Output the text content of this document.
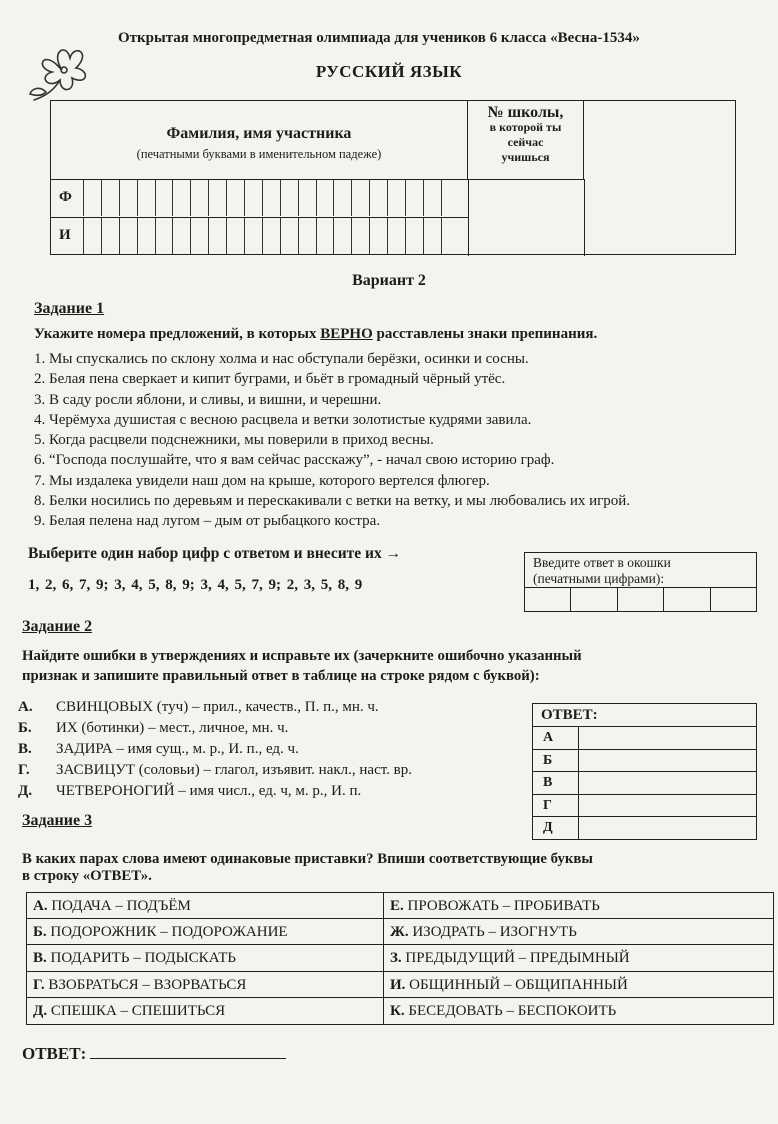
Открытая многопредметная олимпиада для учеников 6 класса «Весна-1534»
РУССКИЙ ЯЗЫК
Фамилия, имя участника
(печатными буквами в именительном падеже)
№ школы,
в которой ты
сейчас
учишься
Ф
И
Вариант 2
Задание 1
Укажите номера предложений, в которых ВЕРНО расставлены знаки препинания.
1. Мы спускались по склону холма и нас обступали берёзки, осинки и сосны.
2. Белая пена сверкает и кипит буграми, и бьёт в громадный чёрный утёс.
3. В саду росли яблони, и сливы, и вишни, и черешни.
4. Черёмуха душистая с весною расцвела и ветки золотистые кудрями завила.
5. Когда расцвели подснежники, мы поверили в приход весны.
6. “Господа послушайте, что я вам сейчас расскажу”, - начал свою историю граф.
7. Мы издалека увидели наш дом на крыше, которого вертелся флюгер.
8. Белки носились по деревьям и перескакивали с ветки на ветку, и мы любовались их игрой.
9. Белая пелена над лугом – дым от рыбацкого костра.
Выберите один набор цифр с ответом и внесите их →
1, 2, 6, 7, 9; 3, 4, 5, 8, 9; 3, 4, 5, 7, 9; 2, 3, 5, 8, 9
Введите ответ в окошки
(печатными цифрами):
Задание 2
Найдите ошибки в утверждениях и исправьте их (зачеркните ошибочно указанный
признак и запишите правильный ответ в таблице на строке рядом с буквой):
А. СВИНЦОВЫХ (туч) – прил., качеств., П. п., мн. ч.
Б. ИХ (ботинки) – мест., личное, мн. ч.
В. ЗАДИРА – имя сущ., м. р., И. п., ед. ч.
Г. ЗАСВИЦУТ (соловьи) – глагол, изъявит. накл., наст. вр.
Д. ЧЕТВЕРОНОГИЙ – имя числ., ед. ч, м. р., И. п.
ОТВЕТ:
А
Б
В
Г
Д
Задание 3
В каких парах слова имеют одинаковые приставки? Впиши соответствующие буквы
в строку «ОТВЕТ».
А. ПОДАЧА – ПОДЪЁМ	Е. ПРОВОЖАТЬ – ПРОБИВАТЬ
Б. ПОДОРОЖНИК – ПОДОРОЖАНИЕ	Ж. ИЗОДРАТЬ – ИЗОГНУТЬ
В. ПОДАРИТЬ – ПОДЫСКАТЬ	З. ПРЕДЫДУЩИЙ – ПРЕДЫМНЫЙ
Г. ВЗОБРАТЬСЯ – ВЗОРВАТЬСЯ	И. ОБЩИННЫЙ – ОБЩИПАННЫЙ
Д. СПЕШКА – СПЕШИТЬСЯ	К. БЕСЕДОВАТЬ – БЕСПОКОИТЬ
ОТВЕТ:
